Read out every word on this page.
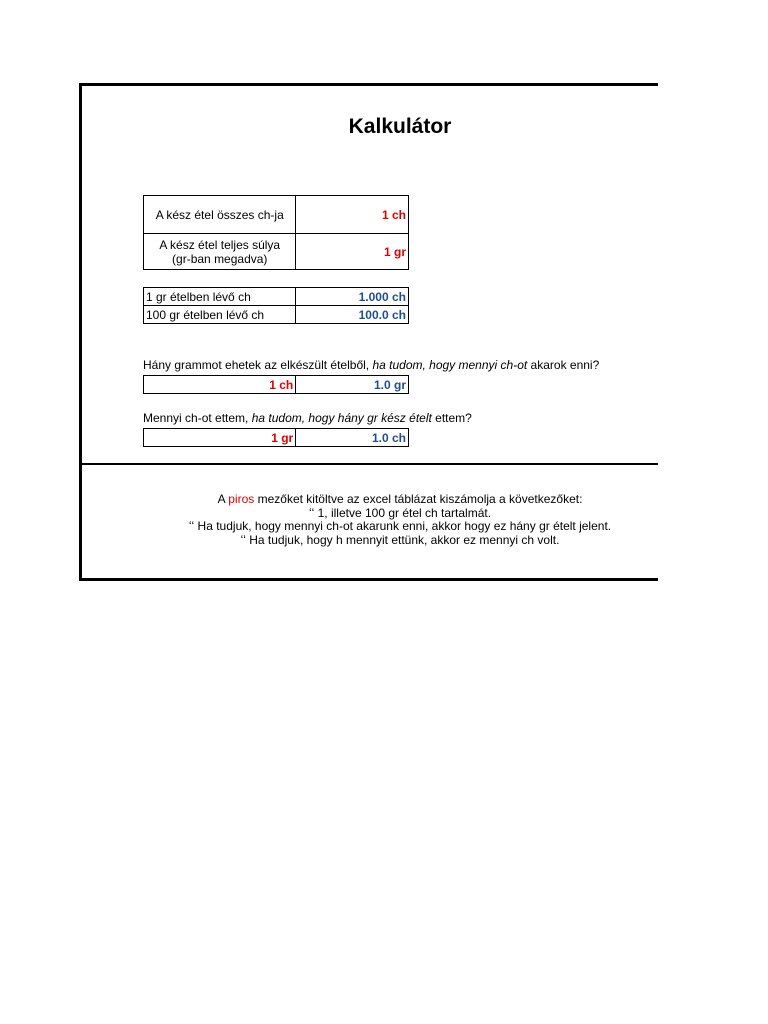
Kalkulátor
A kész étel összes ch-ja	1 ch
A kész étel teljes súlya
(gr-ban megadva)	1 gr
1 gr ételben lévő ch	1.000 ch
100 gr ételben lévő ch	100.0 ch
Hány grammot ehetek az elkészült ételből, ha tudom, hogy mennyi ch-ot akarok enni?
1 ch	1.0 gr
Mennyi ch-ot ettem, ha tudom, hogy hány gr kész ételt ettem?
1 gr	1.0 ch
A piros mezőket kitöltve az excel táblázat kiszámolja a következőket:
ʻʻ 1, illetve 100 gr étel ch tartalmát.
ʻʻ Ha tudjuk, hogy mennyi ch-ot akarunk enni, akkor hogy ez hány gr ételt jelent.
ʻʻ Ha tudjuk, hogy h mennyit ettünk, akkor ez mennyi ch volt.
